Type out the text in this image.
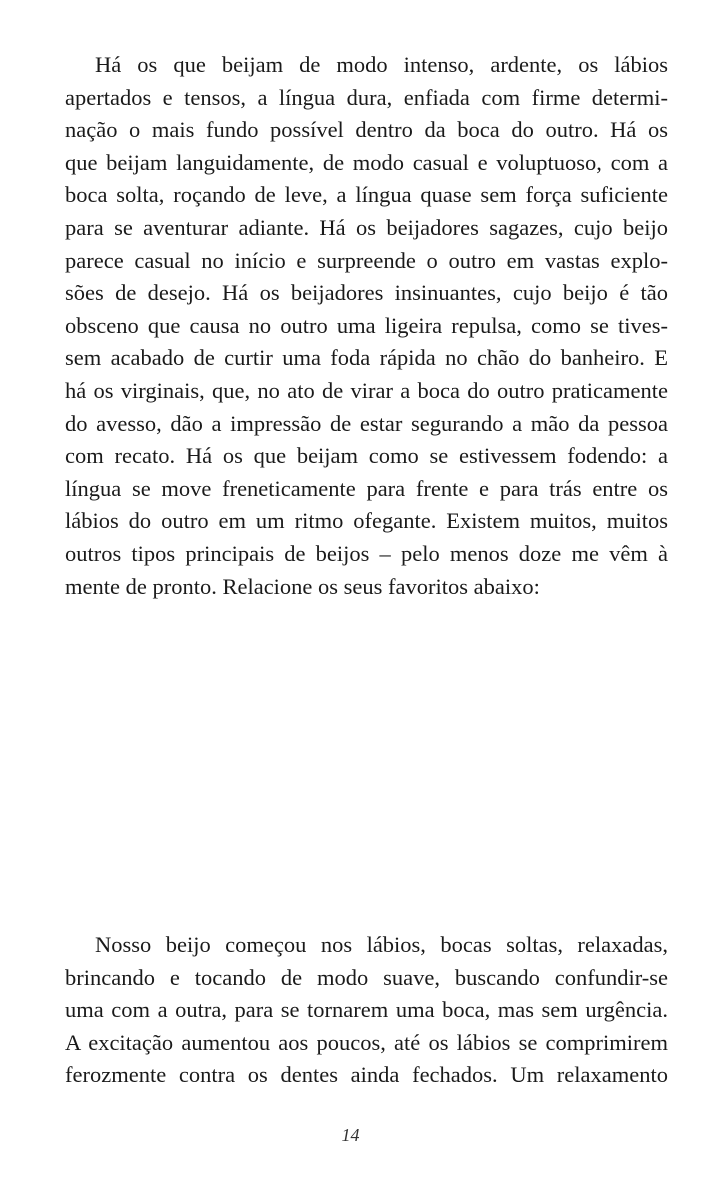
Há os que beijam de modo intenso, ardente, os lábios
apertados e tensos, a língua dura, enfiada com firme determi-
nação o mais fundo possível dentro da boca do outro. Há os
que beijam languidamente, de modo casual e voluptuoso, com a
boca solta, roçando de leve, a língua quase sem força suficiente
para se aventurar adiante. Há os beijadores sagazes, cujo beijo
parece casual no início e surpreende o outro em vastas explo-
sões de desejo. Há os beijadores insinuantes, cujo beijo é tão
obsceno que causa no outro uma ligeira repulsa, como se tives-
sem acabado de curtir uma foda rápida no chão do banheiro. E
há os virginais, que, no ato de virar a boca do outro praticamente
do avesso, dão a impressão de estar segurando a mão da pessoa
com recato. Há os que beijam como se estivessem fodendo: a
língua se move freneticamente para frente e para trás entre os
lábios do outro em um ritmo ofegante. Existem muitos, muitos
outros tipos principais de beijos – pelo menos doze me vêm à
mente de pronto. Relacione os seus favoritos abaixo:
Nosso beijo começou nos lábios, bocas soltas, relaxadas,
brincando e tocando de modo suave, buscando confundir-se
uma com a outra, para se tornarem uma boca, mas sem urgência.
A excitação aumentou aos poucos, até os lábios se comprimirem
ferozmente contra os dentes ainda fechados. Um relaxamento
14
